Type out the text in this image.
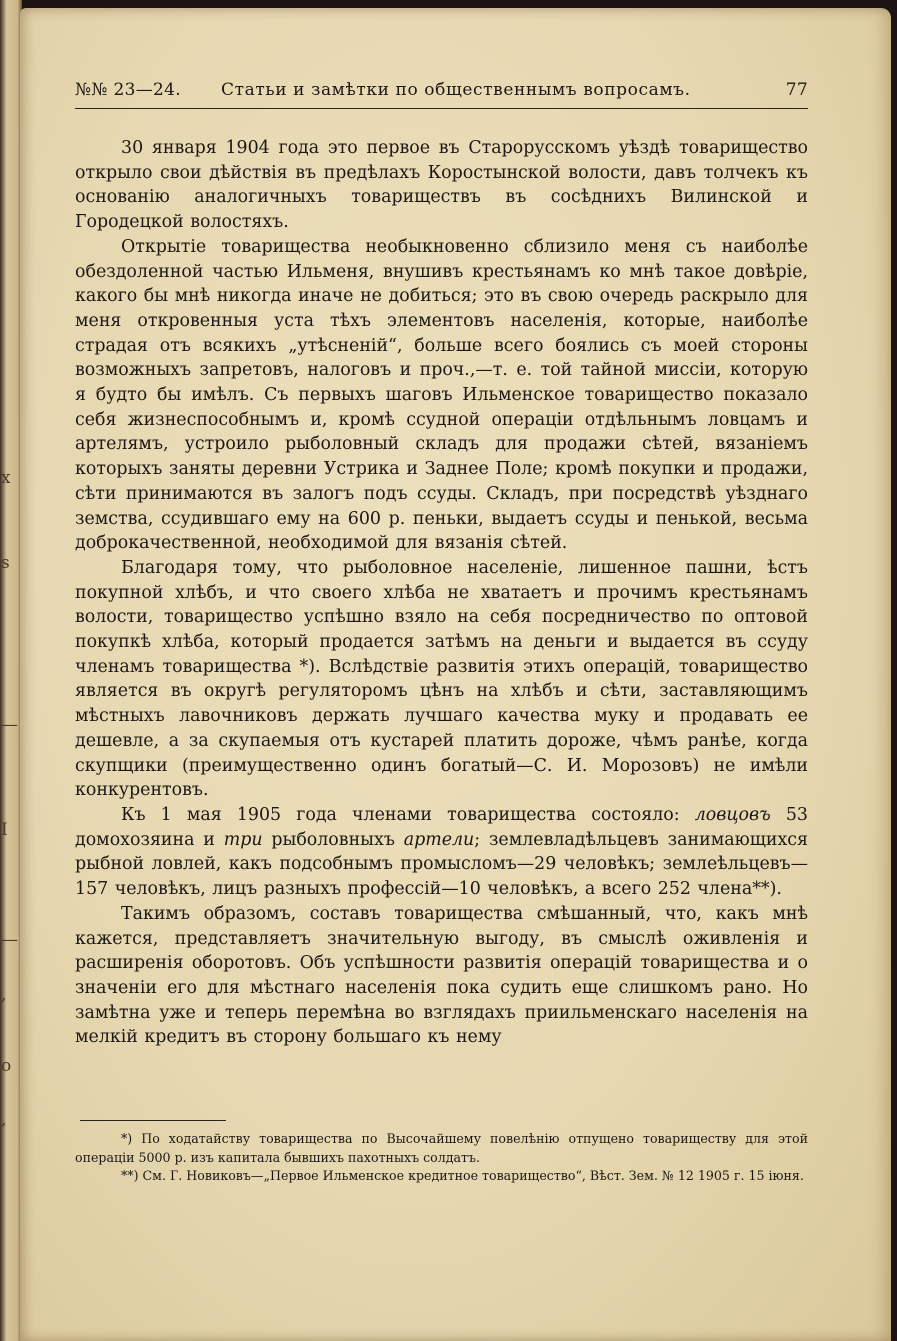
x
s
—
I
—
,
o
,
№№ 23—24. Статьи и замѣтки по общественнымъ вопросамъ.	77

30 января 1904 года это первое въ Старорусскомъ уѣздѣ товарищество открыло свои дѣйствія въ предѣлахъ Коростынской волости, давъ толчекъ къ основанію аналогичныхъ товариществъ въ сосѣднихъ Вилинской и Городецкой волостяхъ.

Открытіе товарищества необыкновенно сблизило меня съ наиболѣе обездоленной частью Ильменя, внушивъ крестьянамъ ко мнѣ такое довѣріе, какого бы мнѣ никогда иначе не добиться; это въ свою очередь раскрыло для меня откровенныя уста тѣхъ элементовъ населенія, которые, наиболѣе страдая отъ всякихъ „утѣсненій“, больше всего боялись съ моей стороны возможныхъ запретовъ, налоговъ и проч.,—т. е. той тайной миссіи, которую я будто бы имѣлъ. Съ первыхъ шаговъ Ильменское товарищество показало себя жизнеспособнымъ и, кромѣ ссудной операціи отдѣльнымъ ловцамъ и артелямъ, устроило рыболовный складъ для продажи сѣтей, вязаніемъ которыхъ заняты деревни Устрика и Заднее Поле; кромѣ покупки и продажи, сѣти принимаются въ залогъ подъ ссуды. Складъ, при посредствѣ уѣзднаго земства, ссудившаго ему на 600 р. пеньки, выдаетъ ссуды и пенькой, весьма доброкачественной, необходимой для вязанія сѣтей.

Благодаря тому, что рыболовное населеніе, лишенное пашни, ѣстъ покупной хлѣбъ, и что своего хлѣба не хватаетъ и прочимъ крестьянамъ волости, товарищество успѣшно взяло на себя посредничество по оптовой покупкѣ хлѣба, который продается затѣмъ на деньги и выдается въ ссуду членамъ товарищества *). Вслѣдствіе развитія этихъ операцій, товарищество является въ округѣ регуляторомъ цѣнъ на хлѣбъ и сѣти, заставляющимъ мѣстныхъ лавочниковъ держать лучшаго качества муку и продавать ее дешевле, а за скупаемыя отъ кустарей платить дороже, чѣмъ ранѣе, когда скупщики (преимущественно одинъ богатый—С. И. Морозовъ) не имѣли конкурентовъ.

Къ 1 мая 1905 года членами товарищества состояло: ловцовъ 53 домохозяина и три рыболовныхъ артели; землевладѣльцевъ занимающихся рыбной ловлей, какъ подсобнымъ промысломъ—29 человѣкъ; землеѣльцевъ—157 человѣкъ, лицъ разныхъ профессій—10 человѣкъ, а всего 252 члена**).

Такимъ образомъ, составъ товарищества смѣшанный, что, какъ мнѣ кажется, представляетъ значительную выгоду, въ смыслѣ оживленія и расширенія оборотовъ. Объ успѣшности развитія операцій товарищества и о значеніи его для мѣстнаго населенія пока судить еще слишкомъ рано. Но замѣтна уже и теперь перемѣна во взглядахъ приильменскаго населенія на мелкій кредитъ въ сторону большаго къ нему

*) По ходатайству товарищества по Высочайшему повелѣнію отпущено товариществу для этой операціи 5000 р. изъ капитала бывшихъ пахотныхъ солдатъ.

**) См. Г. Новиковъ—„Первое Ильменское кредитное товарищество“, Вѣст. Зем. № 12 1905 г. 15 іюня.
